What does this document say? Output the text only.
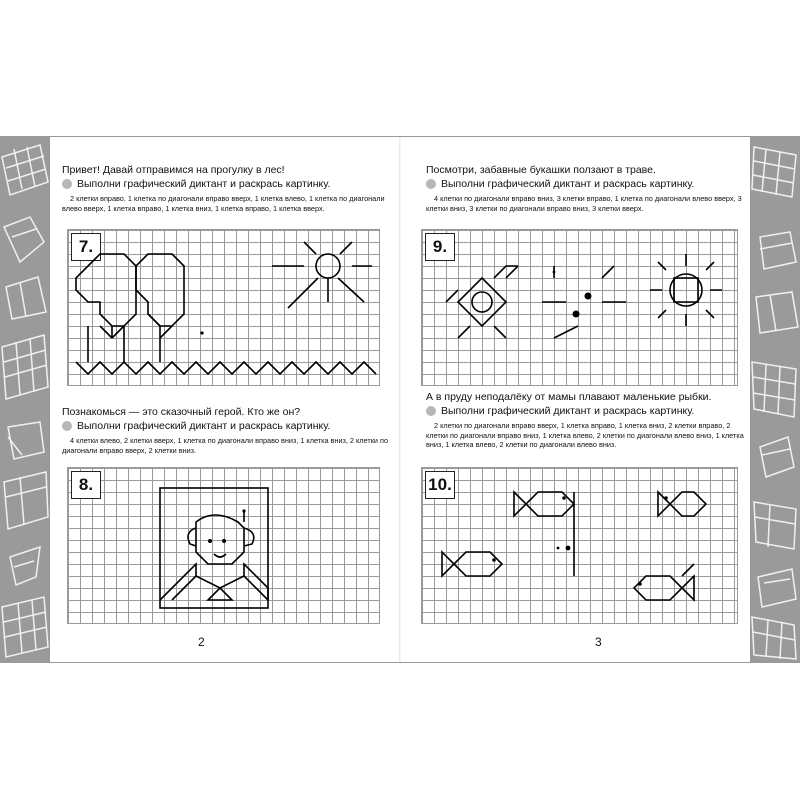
Привет! Давай отправимся на прогулку в лес!

Выполни графический диктант и раскрась картинку.

2 клетки вправо, 1 клетка по диагонали вправо вверх, 1 клетка влево, 1 клетка по диагонали влево вверх, 1 клетка вправо, 1 клетка вниз, 1 клетка вправо, 1 клетка вверх.

7.

Познакомься — это сказочный герой. Кто же он?

Выполни графический диктант и раскрась картинку.

4 клетки влево, 2 клетки вверх, 1 клетка по диагонали вправо вниз, 1 клетка вниз, 2 клетки по диагонали вправо вверх, 2 клетки вниз.

8.

Посмотри, забавные букашки ползают в траве.

Выполни графический диктант и раскрась картинку.

4 клетки по диагонали вправо вниз, 3 клетки вправо, 1 клетка по диагонали влево вверх, 3 клетки вниз, 3 клетки по диагонали вправо вниз, 3 клетки вверх.

9.

А в пруду неподалёку от мамы плавают маленькие рыбки.

Выполни графический диктант и раскрась картинку.

2 клетки по диагонали вправо вверх, 1 клетка вправо, 1 клетка вниз, 2 клетки вправо, 2 клетки по диагонали вправо вниз, 1 клетка влево, 2 клетки по диагонали влево вниз, 1 клетка вниз, 1 клетка влево, 2 клетки по диагонали влево вниз.

10.
2	3
